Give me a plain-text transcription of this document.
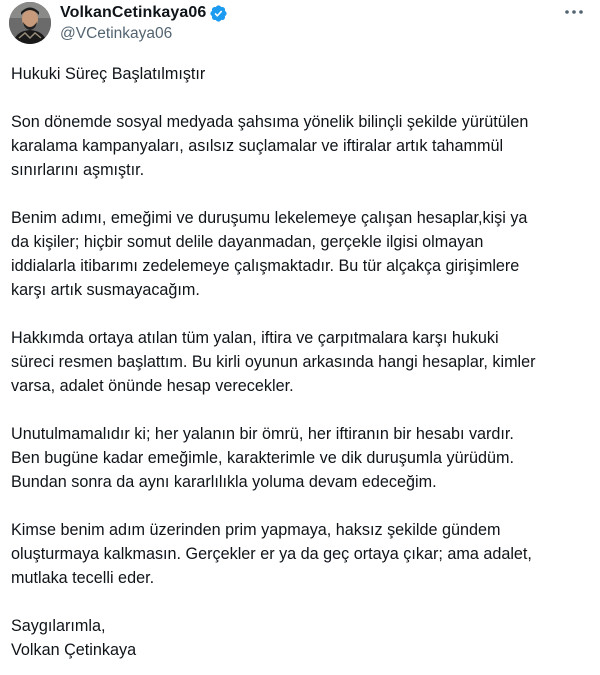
VolkanCetinkaya06
@VCetinkaya06

Hukuki Süreç Başlatılmıştır

Son dönemde sosyal medyada şahsıma yönelik bilinçli şekilde yürütülen
karalama kampanyaları, asılsız suçlamalar ve iftiralar artık tahammül
sınırlarını aşmıştır.

Benim adımı, emeğimi ve duruşumu lekelemeye çalışan hesaplar,kişi ya
da kişiler; hiçbir somut delile dayanmadan, gerçekle ilgisi olmayan
iddialarla itibarımı zedelemeye çalışmaktadır. Bu tür alçakça girişimlere
karşı artık susmayacağım.

Hakkımda ortaya atılan tüm yalan, iftira ve çarpıtmalara karşı hukuki
süreci resmen başlattım. Bu kirli oyunun arkasında hangi hesaplar, kimler
varsa, adalet önünde hesap verecekler.

Unutulmamalıdır ki; her yalanın bir ömrü, her iftiranın bir hesabı vardır.
Ben bugüne kadar emeğimle, karakterimle ve dik duruşumla yürüdüm.
Bundan sonra da aynı kararlılıkla yoluma devam edeceğim.

Kimse benim adım üzerinden prim yapmaya, haksız şekilde gündem
oluşturmaya kalkmasın. Gerçekler er ya da geç ortaya çıkar; ama adalet,
mutlaka tecelli eder.

Saygılarımla,

Volkan Çetinkaya
